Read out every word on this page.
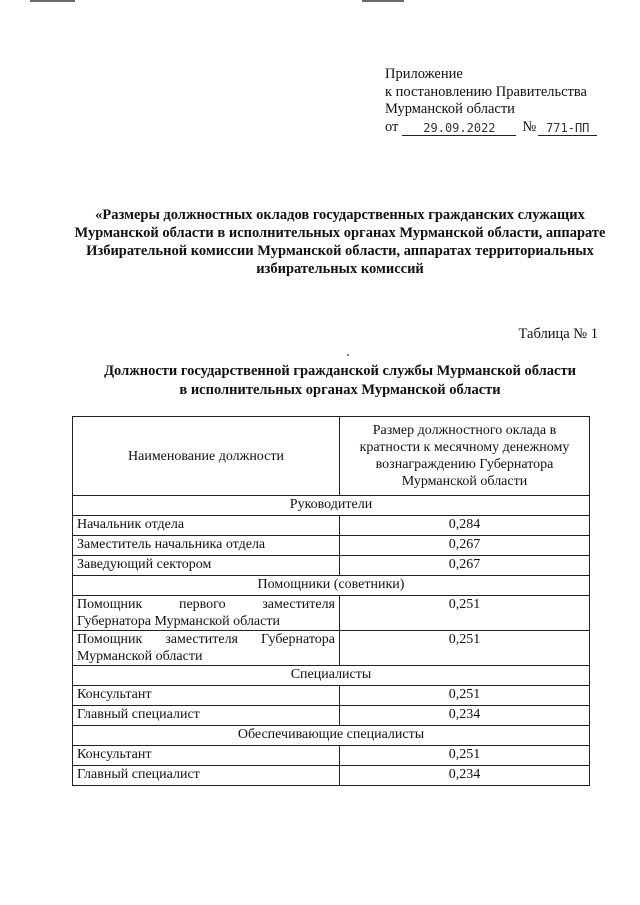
Приложение
к постановлению Правительства
Мурманской области
от	29.09.2022	№ 771-ПП
«Размеры должностных окладов государственных гражданских служащих Мурманской области в исполнительных органах Мурманской области, аппарате Избирательной комиссии Мурманской области, аппаратах территориальных избирательных комиссий
Таблица № 1
Должности государственной гражданской службы Мурманской области
в исполнительных органах Мурманской области
Наименование должности	Размер должностного оклада в кратности к месячному денежному вознаграждению Губернатора Мурманской области
Руководители	
Начальник отдела	0,284
Заместитель начальника отдела	0,267
Заведующий сектором	0,267
Помощники (советники)	
Помощник первого заместителя Губернатора Мурманской области	0,251
Помощник заместителя Губернатора Мурманской области	0,251
Специалисты	
Консультант	0,251
Главный специалист	0,234
Обеспечивающие специалисты	
Консультант	0,251
Главный специалист	0,234
